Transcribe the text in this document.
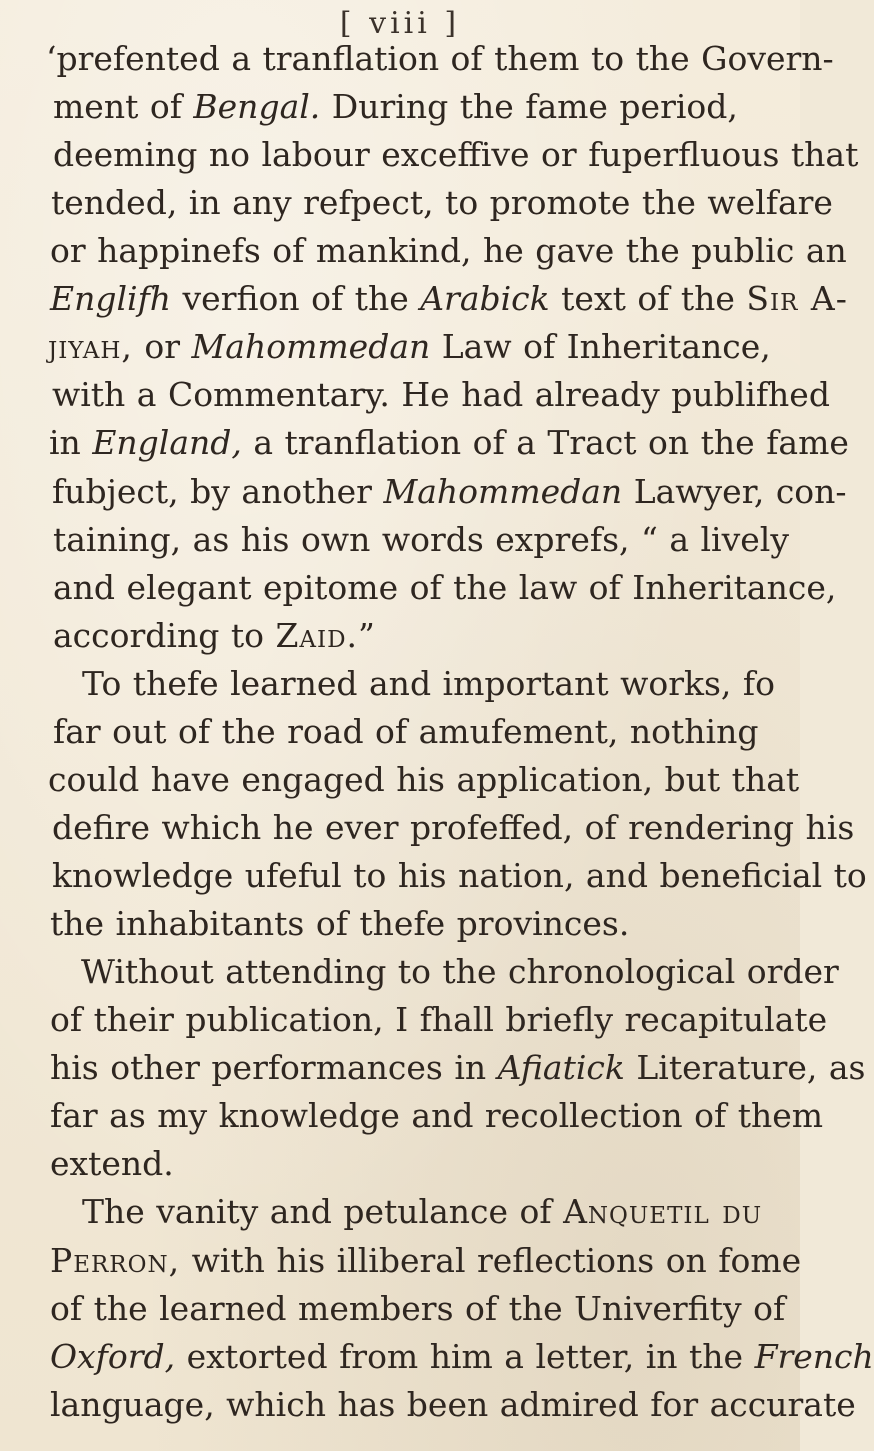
[ viii ]
‘prefented a tranflation of them to the Govern-
ment of Bengal. During the fame period,
deeming no labour exceffive or fuperfluous that
tended, in any refpect, to promote the welfare
or happinefs of mankind, he gave the public an
Englifh verfion of the Arabick text of the Sir A-
jiyah, or Mahommedan Law of Inheritance,
with a Commentary. He had already publifhed
in England, a tranflation of a Tract on the fame
fubject, by another Mahommedan Lawyer, con-
taining, as his own words exprefs, “ a lively
and elegant epitome of the law of Inheritance,
according to Zaid.”
To thefe learned and important works, fo
far out of the road of amufement, nothing
could have engaged his application, but that
defire which he ever profeffed, of rendering his
knowledge ufeful to his nation, and beneficial to
the inhabitants of thefe provinces.
Without attending to the chronological order
of their publication, I fhall briefly recapitulate
his other performances in Afiatick Literature, as
far as my knowledge and recollection of them
extend.
The vanity and petulance of Anquetil du
Perron, with his illiberal reflections on fome
of the learned members of the Univerfity of
Oxford, extorted from him a letter, in the French
language, which has been admired for accurate
